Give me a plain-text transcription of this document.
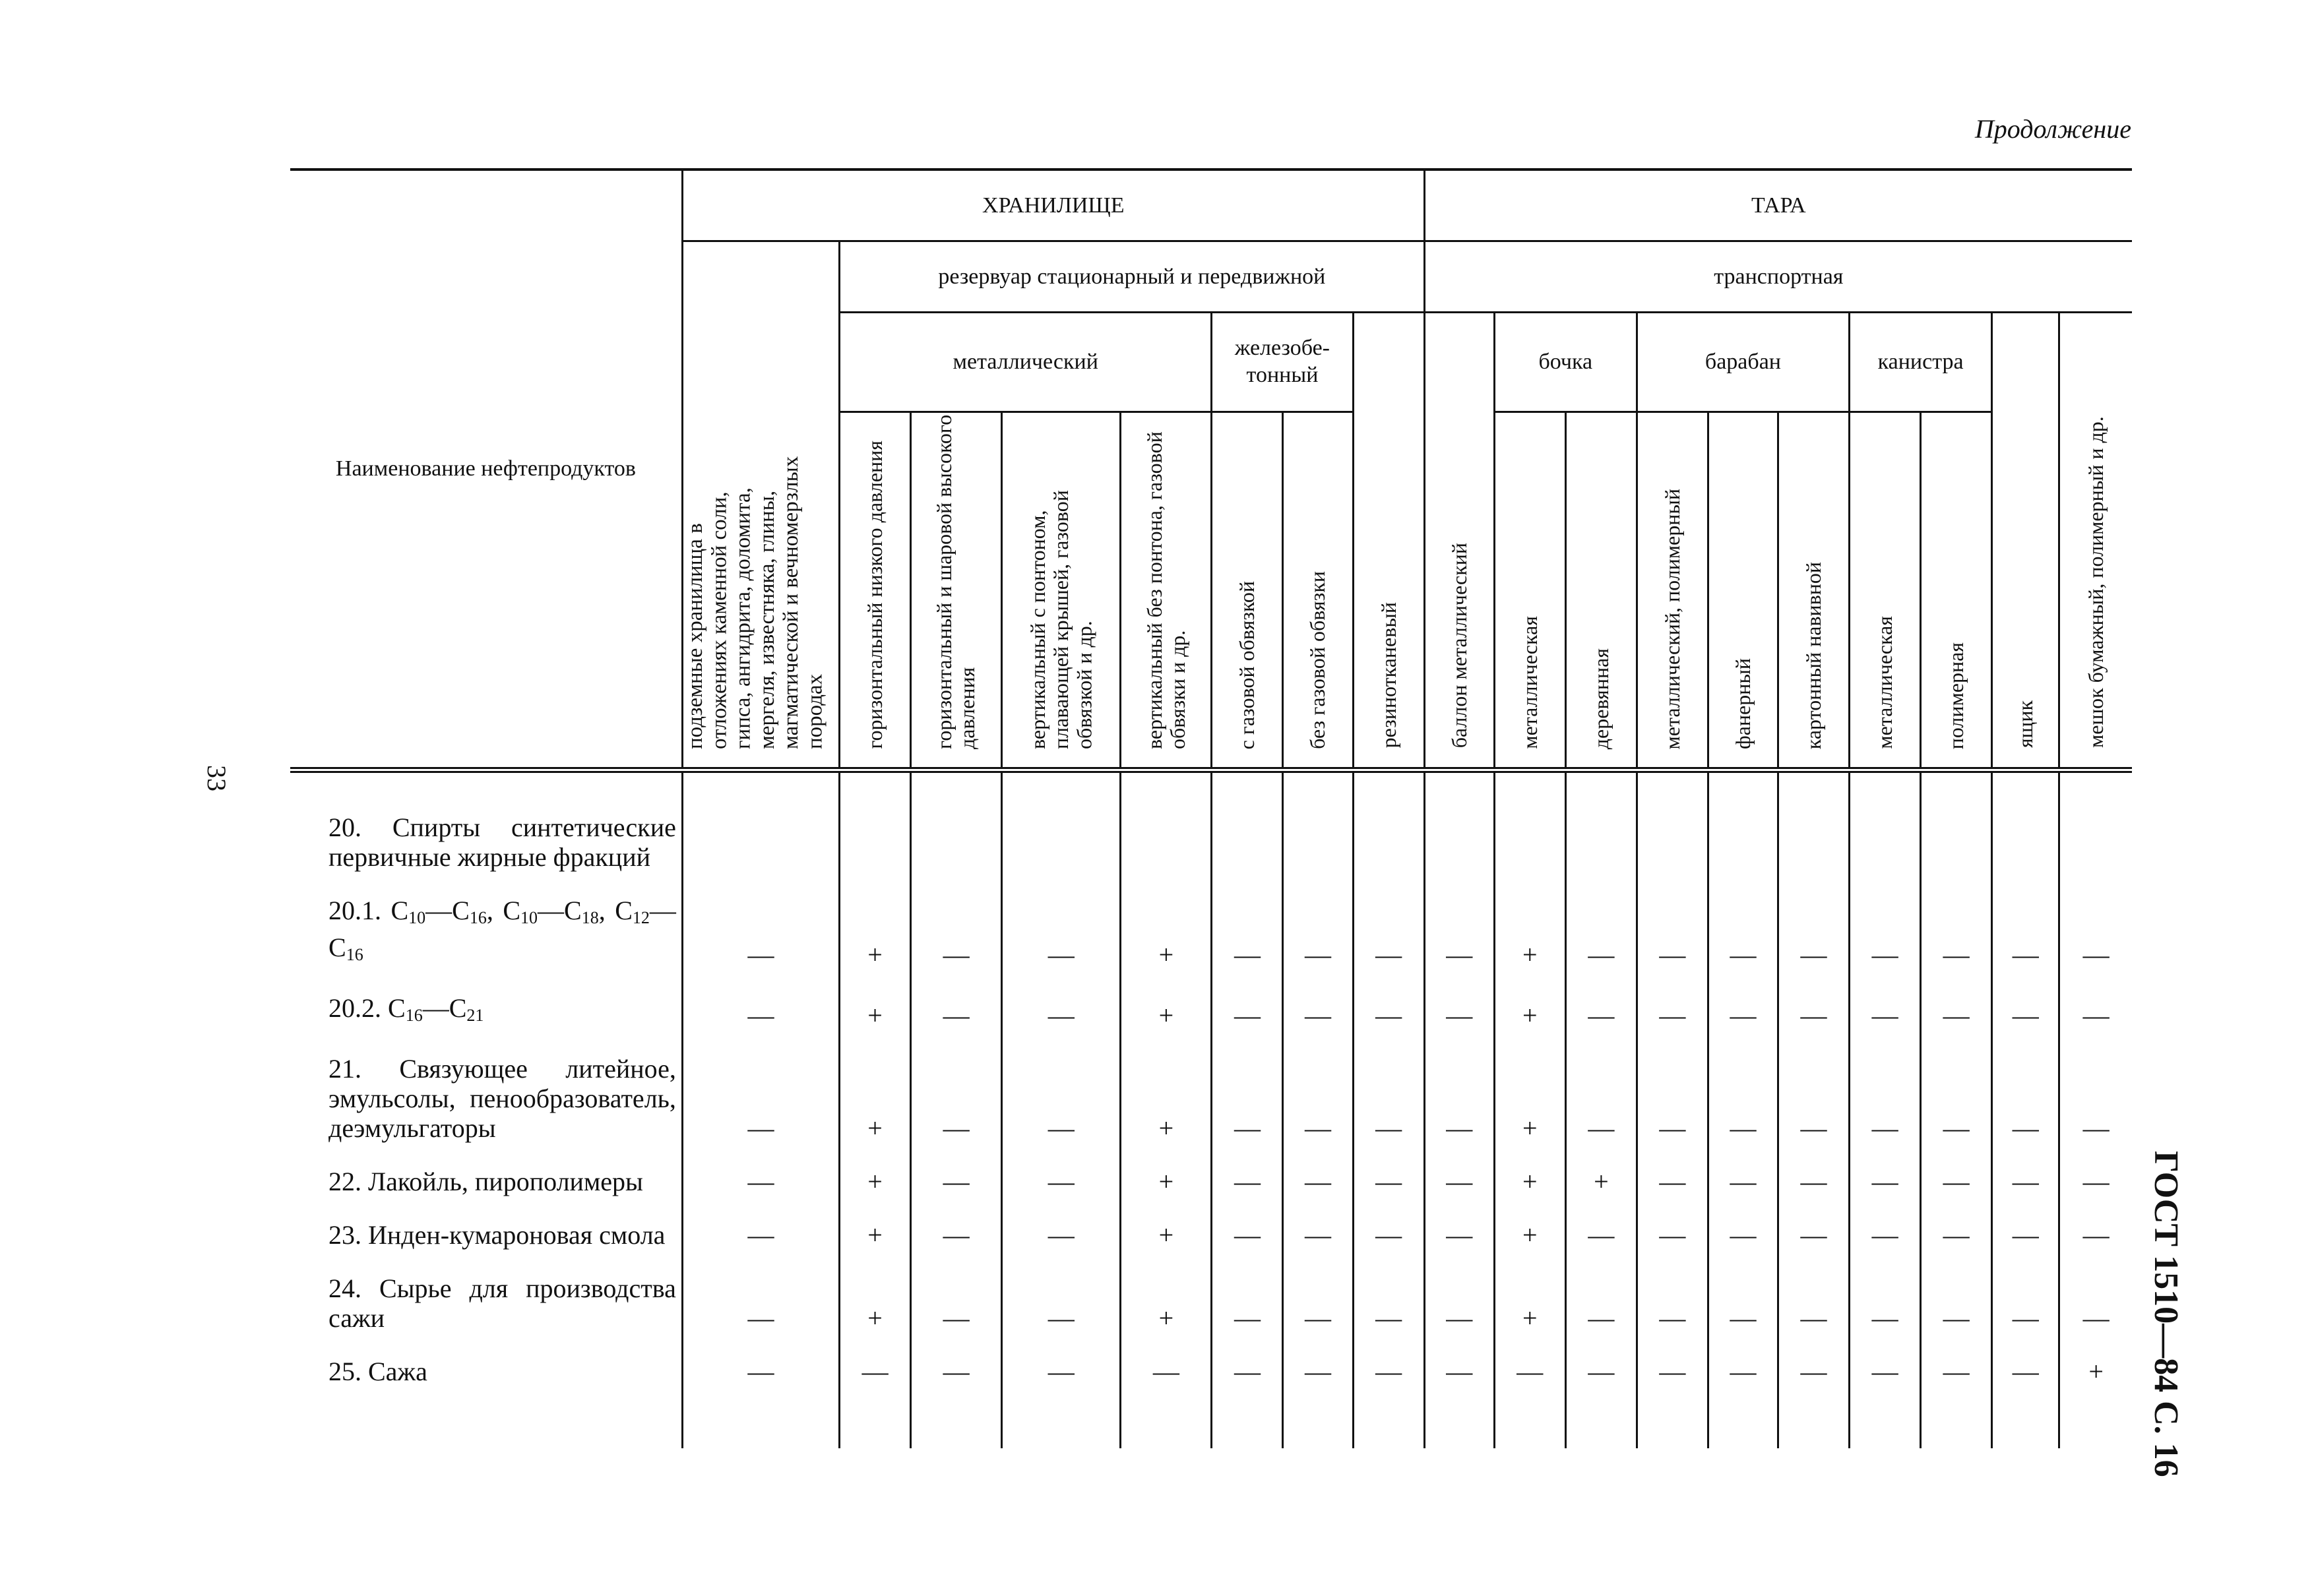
Продолжение
33
ГОСТ 1510—84 С. 16
Наименование нефтепродуктов	ХРАНИЛИЩЕ								ТАРА									
	подземные хранилища в отложениях каменной соли, гипса, ангидрита, доломита, мергеля, известняка, глины, магматической и вечномерзлых породах	резервуар стационарный и передвижной							транспортная									
		металлический				железобе-тонный		резинотканевый	баллон металлический	бочка		барабан			канистра		ящик	мешок бумажный, полимерный и др.
		горизонтальный низкого давления	горизонтальный и шаровой высокого давления	вертикальный с понтоном, плавающей крышей, газовой обвязкой и др.	вертикальный без понтона, газовой обвязки и др.	с газовой обвязкой	без газовой обвязки			металлическая	деревянная	металлический, полимерный	фанерный	картонный навивной	металлическая	полимерная		

20. Спирты синтетические первичные жирные фракций																		

20.1. $C_{10}—C_{16}$, $C_{10}—C_{18}$, $C_{12}—C_{16}$	—	+	—	—	+	—	—	—	—	+	—	—	—	—	—	—	—	—

20.2. $C_{16}—C_{21}$	—	+	—	—	+	—	—	—	—	+	—	—	—	—	—	—	—	—

21. Связующее литейное, эмульсолы, пенообразователь, деэмульгаторы	—	+	—	—	+	—	—	—	—	+	—	—	—	—	—	—	—	—

22. Лакойль, пирополимеры	—	+	—	—	+	—	—	—	—	+	+	—	—	—	—	—	—	—

23. Инден-кумароновая смола	—	+	—	—	+	—	—	—	—	+	—	—	—	—	—	—	—	—

24. Сырье для производства сажи	—	+	—	—	+	—	—	—	—	+	—	—	—	—	—	—	—	—

25. Сажа	—	—	—	—	—	—	—	—	—	—	—	—	—	—	—	—	—	+
